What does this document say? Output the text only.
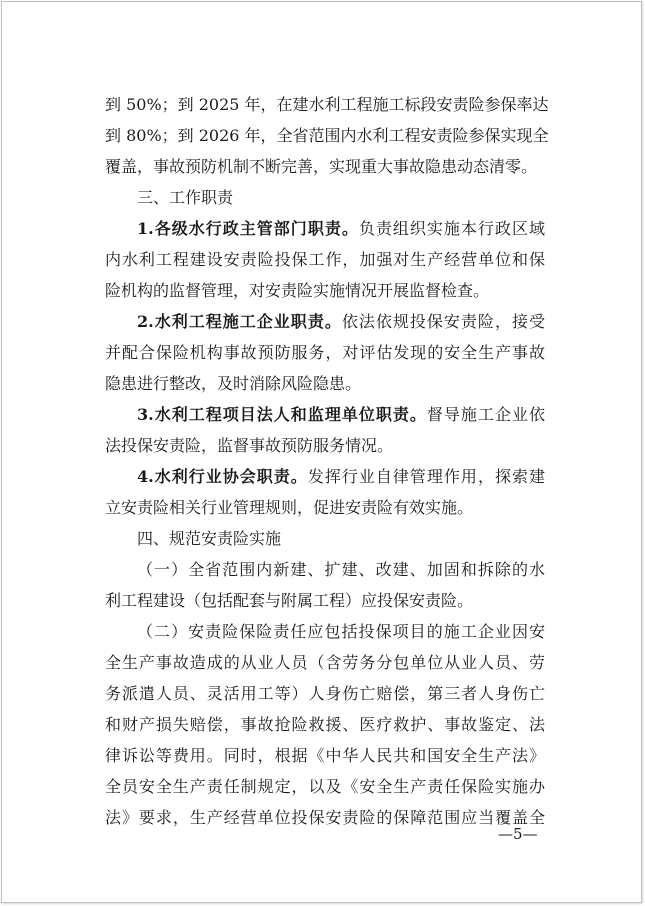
到 50%；到 2025 年，在建水利工程施工标段安责险参保率达
到 80%；到 2026 年，全省范围内水利工程安责险参保实现全
覆盖，事故预防机制不断完善，实现重大事故隐患动态清零。
三、工作职责
1.各级水行政主管部门职责。负责组织实施本行政区域
内水利工程建设安责险投保工作，加强对生产经营单位和保
险机构的监督管理，对安责险实施情况开展监督检查。
2.水利工程施工企业职责。依法依规投保安责险，接受
并配合保险机构事故预防服务，对评估发现的安全生产事故
隐患进行整改，及时消除风险隐患。
3.水利工程项目法人和监理单位职责。督导施工企业依
法投保安责险，监督事故预防服务情况。
4.水利行业协会职责。发挥行业自律管理作用，探索建
立安责险相关行业管理规则，促进安责险有效实施。
四、规范安责险实施
（一）全省范围内新建、扩建、改建、加固和拆除的水
利工程建设（包括配套与附属工程）应投保安责险。
（二）安责险保险责任应包括投保项目的施工企业因安
全生产事故造成的从业人员（含劳务分包单位从业人员、劳
务派遣人员、灵活用工等）人身伤亡赔偿，第三者人身伤亡
和财产损失赔偿，事故抢险救援、医疗救护、事故鉴定、法
律诉讼等费用。同时，根据《中华人民共和国安全生产法》
全员安全生产责任制规定，以及《安全生产责任保险实施办
法》要求，生产经营单位投保安责险的保障范围应当覆盖全
—5—
